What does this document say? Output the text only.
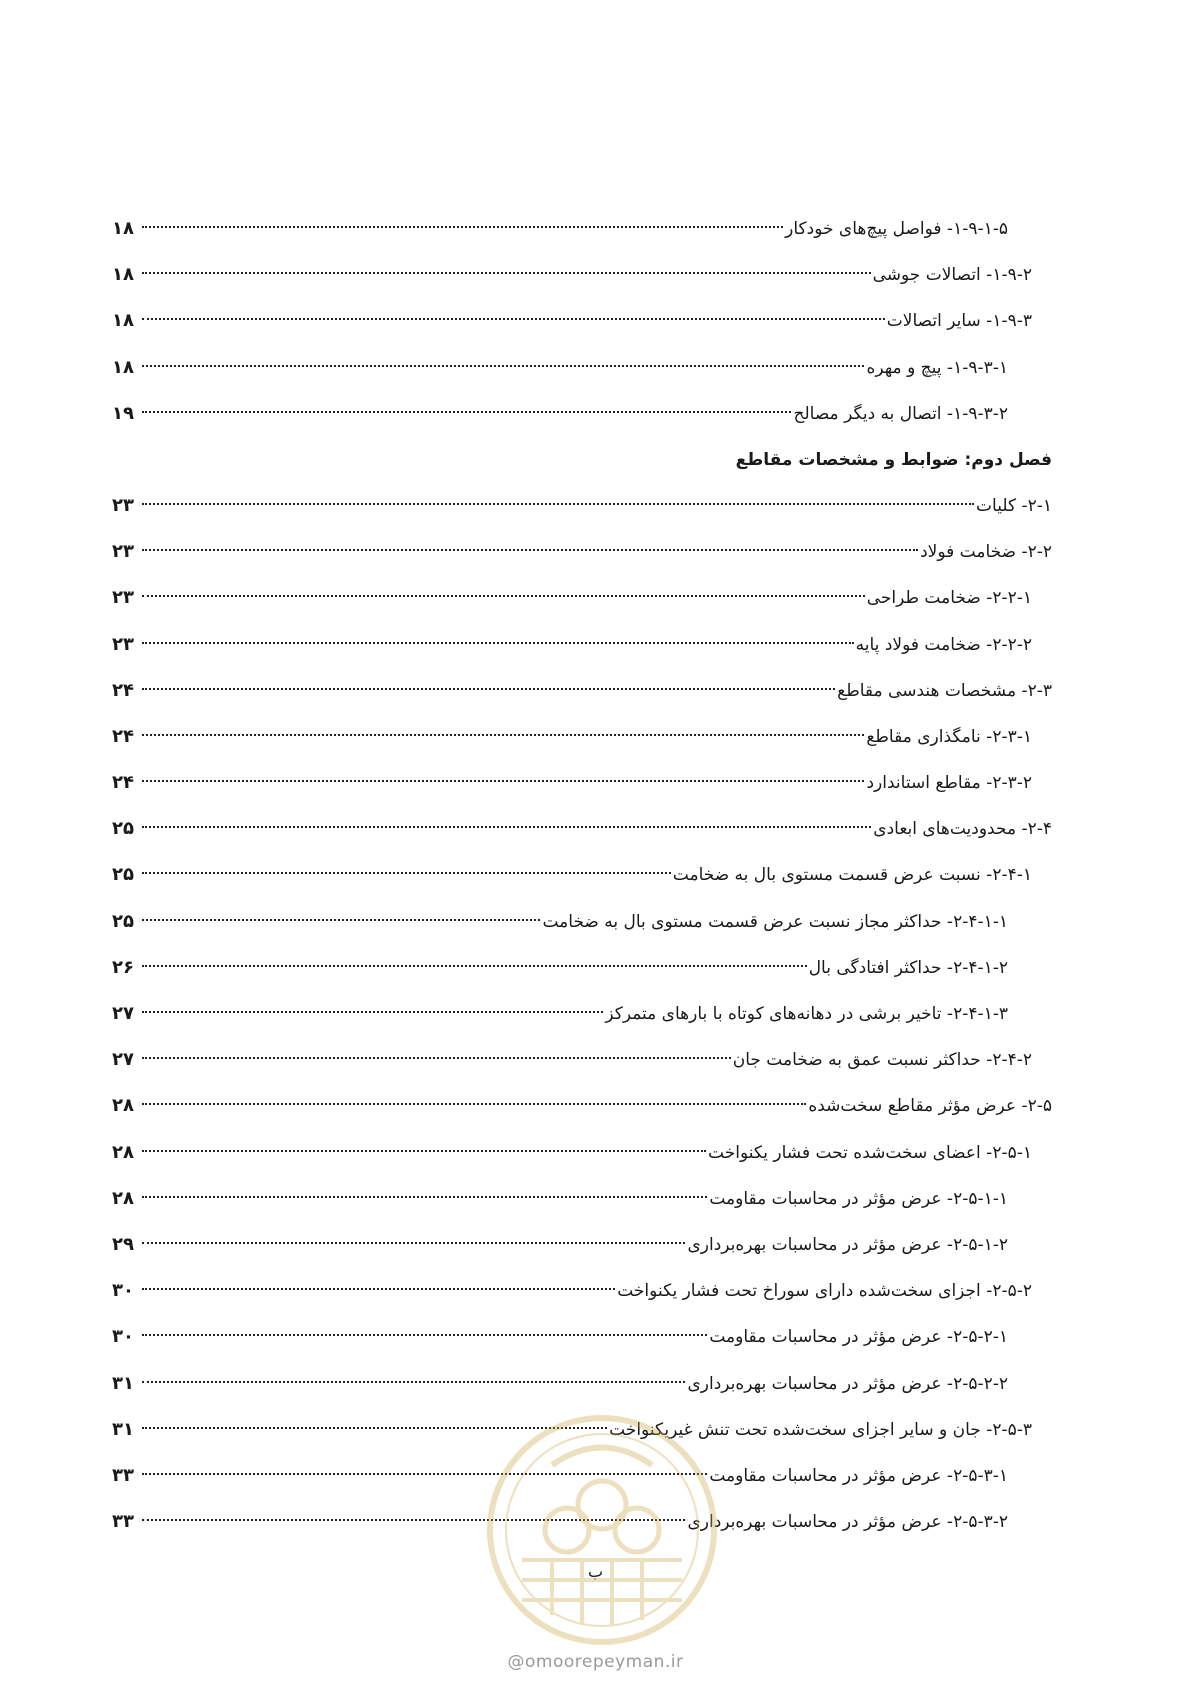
۱-۹-۱-۵- فواصل پیچ‌های خودکار
۱۸
۱-۹-۲- اتصالات جوشی
۱۸
۱-۹-۳- سایر اتصالات
۱۸
۱-۹-۳-۱- پیچ و مهره
۱۸
۱-۹-۳-۲- اتصال به دیگر مصالح
۱۹
فصل دوم: ضوابط و مشخصات مقاطع
۲-۱- کلیات
۲۳
۲-۲- ضخامت فولاد
۲۳
۲-۲-۱- ضخامت طراحی
۲۳
۲-۲-۲- ضخامت فولاد پایه
۲۳
۲-۳- مشخصات هندسی مقاطع
۲۴
۲-۳-۱- نامگذاری مقاطع
۲۴
۲-۳-۲- مقاطع استاندارد
۲۴
۲-۴- محدودیت‌های ابعادی
۲۵
۲-۴-۱- نسبت عرض قسمت مستوی بال به ضخامت
۲۵
۲-۴-۱-۱- حداکثر مجاز نسبت عرض قسمت مستوی بال به ضخامت
۲۵
۲-۴-۱-۲- حداکثر افتادگی بال
۲۶
۲-۴-۱-۳- تاخیر برشی در دهانه‌های کوتاه با بارهای متمرکز
۲۷
۲-۴-۲- حداکثر نسبت عمق به ضخامت جان
۲۷
۲-۵- عرض مؤثر مقاطع سخت‌شده
۲۸
۲-۵-۱- اعضای سخت‌شده تحت فشار یکنواخت
۲۸
۲-۵-۱-۱- عرض مؤثر در محاسبات مقاومت
۲۸
۲-۵-۱-۲- عرض مؤثر در محاسبات بهره‌برداری
۲۹
۲-۵-۲- اجزای سخت‌شده دارای سوراخ تحت فشار یکنواخت
۳۰
۲-۵-۲-۱- عرض مؤثر در محاسبات مقاومت
۳۰
۲-۵-۲-۲- عرض مؤثر در محاسبات بهره‌برداری
۳۱
۲-۵-۳- جان و سایر اجزای سخت‌شده تحت تنش غیریکنواخت
۳۱
۲-۵-۳-۱- عرض مؤثر در محاسبات مقاومت
۳۳
۲-۵-۳-۲- عرض مؤثر در محاسبات بهره‌برداری
۳۳
ب
@omoorepeyman.ir
